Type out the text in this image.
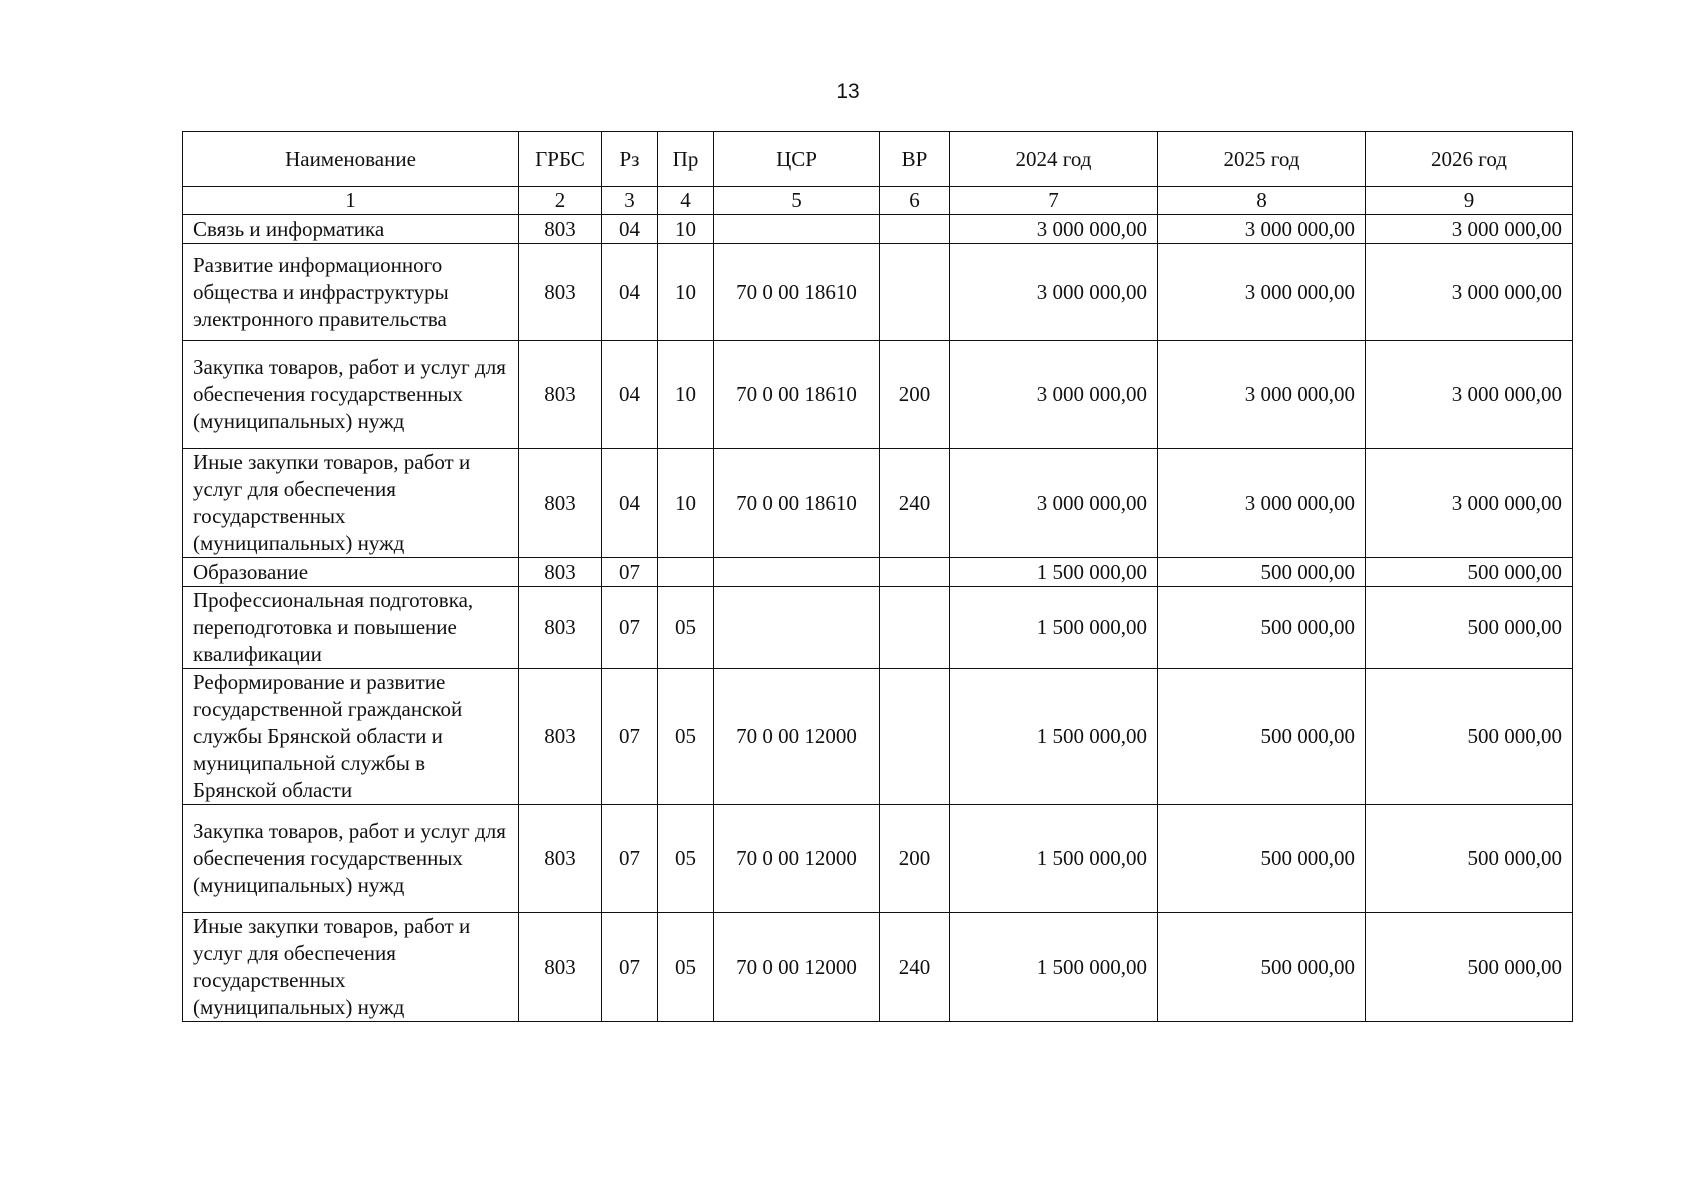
13
Наименование	ГРБС	Рз	Пр	ЦСР	ВР	2024 год	2025 год	2026 год
1	2	3	4	5	6	7	8	9
Связь и информатика	803	04	10			3 000 000,00	3 000 000,00	3 000 000,00
Развитие информационного общества и инфраструктуры электронного правительства	803	04	10	70 0 00 18610		3 000 000,00	3 000 000,00	3 000 000,00
Закупка товаров, работ и услуг для обеспечения государственных (муниципальных) нужд	803	04	10	70 0 00 18610	200	3 000 000,00	3 000 000,00	3 000 000,00
Иные закупки товаров, работ и услуг для обеспечения государственных (муниципальных) нужд	803	04	10	70 0 00 18610	240	3 000 000,00	3 000 000,00	3 000 000,00
Образование	803	07				1 500 000,00	500 000,00	500 000,00
Профессиональная подготовка, переподготовка и повышение квалификации	803	07	05			1 500 000,00	500 000,00	500 000,00
Реформирование и развитие государственной гражданской службы Брянской области и муниципальной службы в Брянской области	803	07	05	70 0 00 12000		1 500 000,00	500 000,00	500 000,00
Закупка товаров, работ и услуг для обеспечения государственных (муниципальных) нужд	803	07	05	70 0 00 12000	200	1 500 000,00	500 000,00	500 000,00
Иные закупки товаров, работ и услуг для обеспечения государственных (муниципальных) нужд	803	07	05	70 0 00 12000	240	1 500 000,00	500 000,00	500 000,00
